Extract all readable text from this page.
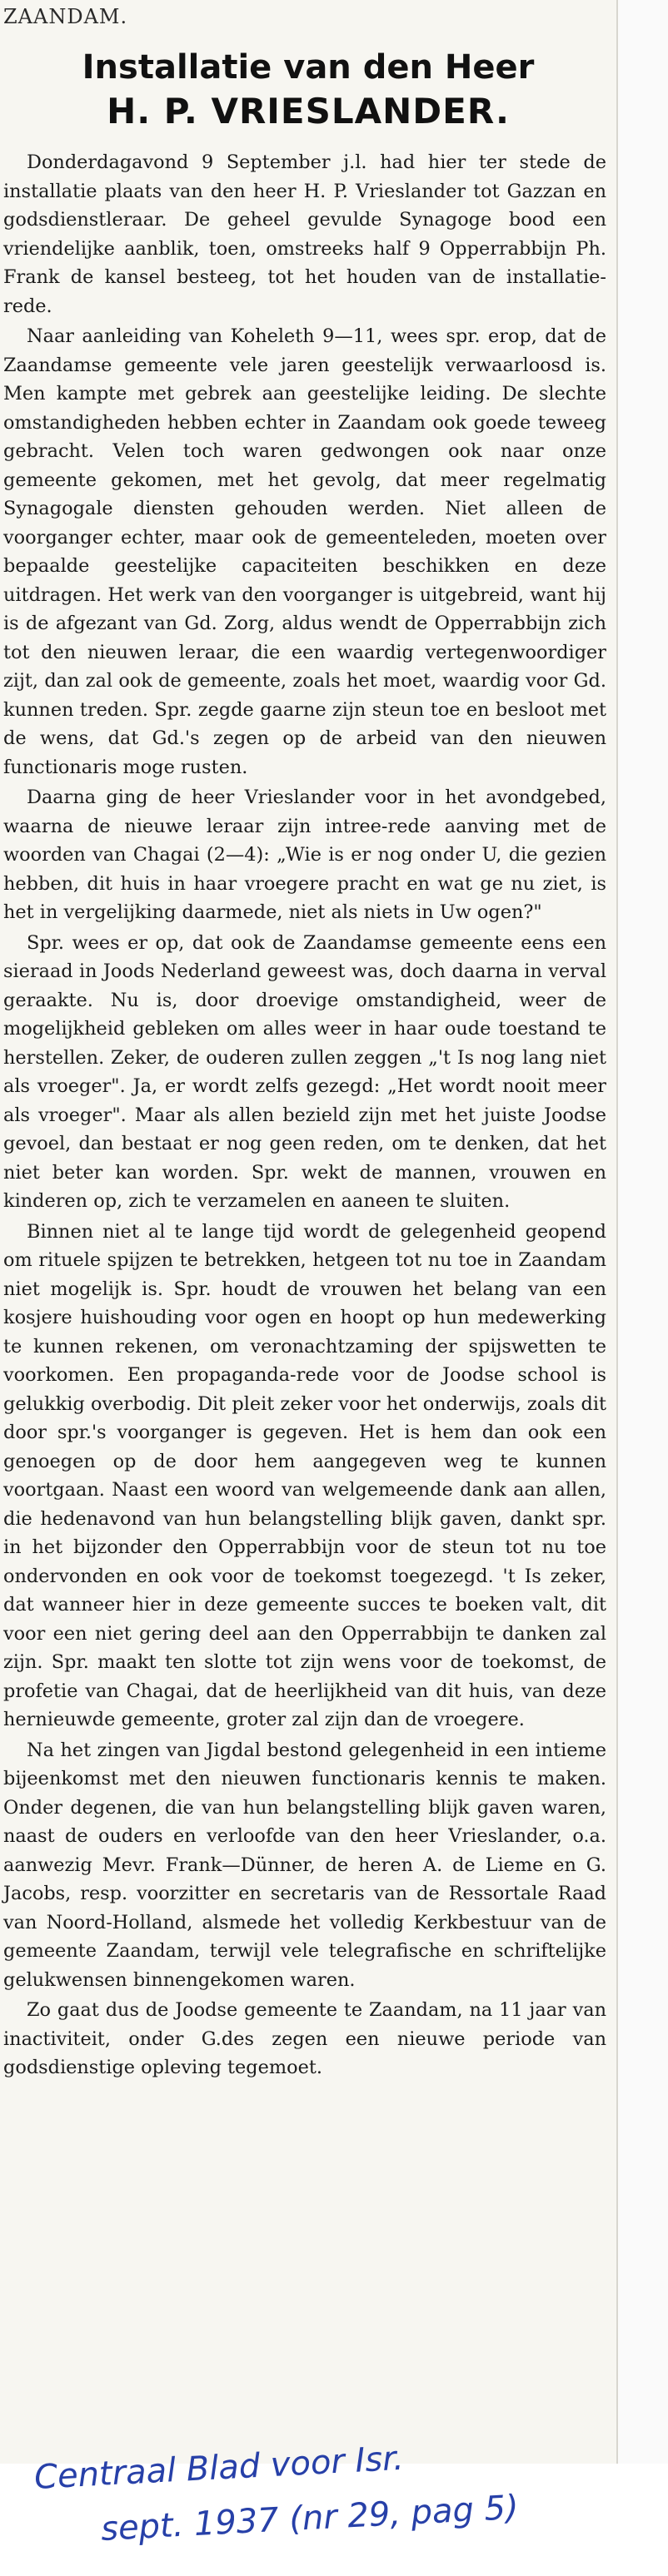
ZAANDAM.
Installatie van den Heer
H. P. VRIESLANDER.

Donderdagavond 9 September j.l. had hier ter stede de installatie plaats van den heer H. P. Vrieslander tot Gazzan en godsdienstleraar. De geheel gevulde Synagoge bood een vriendelijke aanblik, toen, omstreeks half 9 Opperrabbijn Ph. Frank de kansel besteeg, tot het houden van de installatie-rede.

Naar aanleiding van Koheleth 9—11, wees spr. erop, dat de Zaandamse gemeente vele jaren geestelijk verwaarloosd is. Men kampte met gebrek aan geestelijke leiding. De slechte omstandigheden hebben echter in Zaandam ook goede teweeg gebracht. Velen toch waren gedwongen ook naar onze gemeente gekomen, met het gevolg, dat meer regelmatig Synagogale diensten gehouden werden. Niet alleen de voorganger echter, maar ook de gemeenteleden, moeten over bepaalde geestelijke capaciteiten beschikken en deze uitdragen. Het werk van den voorganger is uitgebreid, want hij is de afgezant van Gd. Zorg, aldus wendt de Opperrabbijn zich tot den nieuwen leraar, die een waardig vertegenwoordiger zijt, dan zal ook de gemeente, zoals het moet, waardig voor Gd. kunnen treden. Spr. zegde gaarne zijn steun toe en besloot met de wens, dat Gd.'s zegen op de arbeid van den nieuwen functionaris moge rusten.

Daarna ging de heer Vrieslander voor in het avondgebed, waarna de nieuwe leraar zijn intree-rede aanving met de woorden van Chagai (2—4): „Wie is er nog onder U, die gezien hebben, dit huis in haar vroegere pracht en wat ge nu ziet, is het in vergelijking daarmede, niet als niets in Uw ogen?"

Spr. wees er op, dat ook de Zaandamse gemeente eens een sieraad in Joods Nederland geweest was, doch daarna in verval geraakte. Nu is, door droevige omstandigheid, weer de mogelijkheid gebleken om alles weer in haar oude toestand te herstellen. Zeker, de ouderen zullen zeggen „'t Is nog lang niet als vroeger". Ja, er wordt zelfs gezegd: „Het wordt nooit meer als vroeger". Maar als allen bezield zijn met het juiste Joodse gevoel, dan bestaat er nog geen reden, om te denken, dat het niet beter kan worden. Spr. wekt de mannen, vrouwen en kinderen op, zich te verzamelen en aaneen te sluiten.

Binnen niet al te lange tijd wordt de gelegenheid geopend om rituele spijzen te betrekken, hetgeen tot nu toe in Zaandam niet mogelijk is. Spr. houdt de vrouwen het belang van een kosjere huishouding voor ogen en hoopt op hun medewerking te kunnen rekenen, om veronachtzaming der spijswetten te voorkomen. Een propaganda-rede voor de Joodse school is gelukkig overbodig. Dit pleit zeker voor het onderwijs, zoals dit door spr.'s voorganger is gegeven. Het is hem dan ook een genoegen op de door hem aangegeven weg te kunnen voortgaan. Naast een woord van welgemeende dank aan allen, die hedenavond van hun belangstelling blijk gaven, dankt spr. in het bijzonder den Opperrabbijn voor de steun tot nu toe ondervonden en ook voor de toekomst toegezegd. 't Is zeker, dat wanneer hier in deze gemeente succes te boeken valt, dit voor een niet gering deel aan den Opperrabbijn te danken zal zijn. Spr. maakt ten slotte tot zijn wens voor de toekomst, de profetie van Chagai, dat de heerlijkheid van dit huis, van deze hernieuwde gemeente, groter zal zijn dan de vroegere.

Na het zingen van Jigdal bestond gelegenheid in een intieme bijeenkomst met den nieuwen functionaris kennis te maken. Onder degenen, die van hun belangstelling blijk gaven waren, naast de ouders en verloofde van den heer Vrieslander, o.a. aanwezig Mevr. Frank—Dünner, de heren A. de Lieme en G. Jacobs, resp. voorzitter en secretaris van de Ressortale Raad van Noord-Holland, alsmede het volledig Kerkbestuur van de gemeente Zaandam, terwijl vele telegrafische en schriftelijke gelukwensen binnengekomen waren.

Zo gaat dus de Joodse gemeente te Zaandam, na 11 jaar van inactiviteit, onder G.des zegen een nieuwe periode van godsdienstige opleving tegemoet.

Centraal Blad voor Isr.
sept. 1937 (nr 29, pag 5)
